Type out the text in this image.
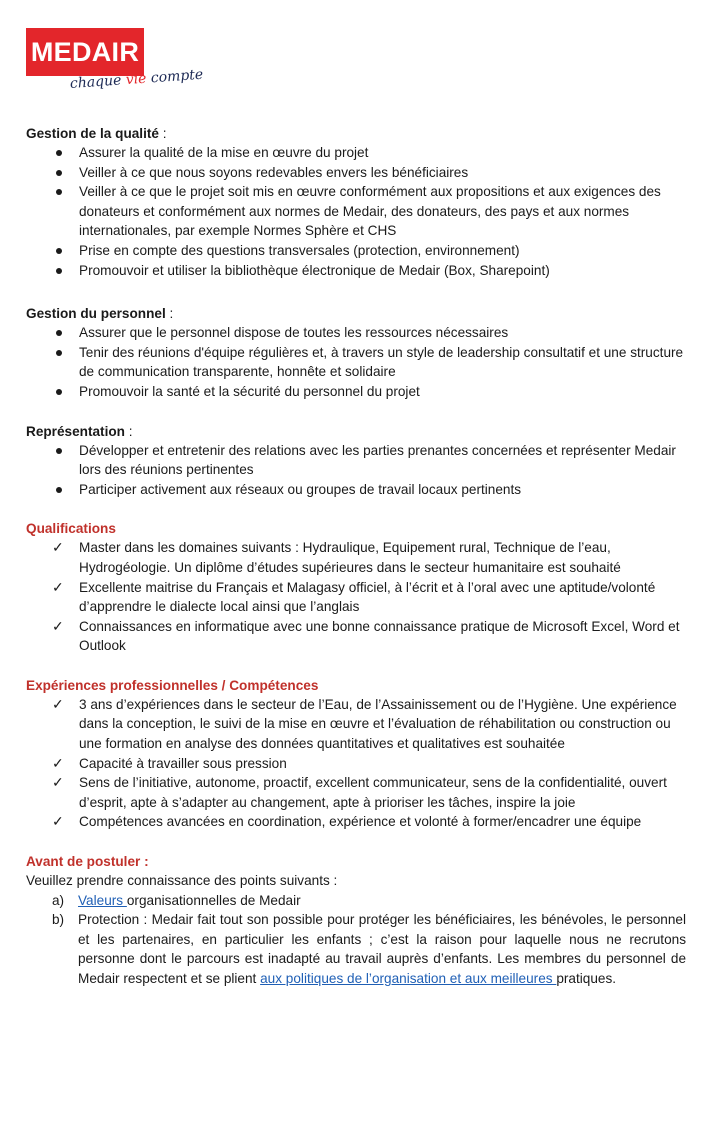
MEDAIR
chaque vie compte
Gestion de la qualité :
Assurer la qualité de la mise en œuvre du projet
Veiller à ce que nous soyons redevables envers les bénéficiaires
Veiller à ce que le projet soit mis en œuvre conformément aux propositions et aux exigences des donateurs et conformément aux normes de Medair, des donateurs, des pays et aux normes internationales, par exemple Normes Sphère et CHS
Prise en compte des questions transversales (protection, environnement)
Promouvoir et utiliser la bibliothèque électronique de Medair (Box, Sharepoint)
Gestion du personnel :
Assurer que le personnel dispose de toutes les ressources nécessaires
Tenir des réunions d'équipe régulières et, à travers un style de leadership consultatif et une structure de communication transparente, honnête et solidaire
Promouvoir la santé et la sécurité du personnel du projet
Représentation :
Développer et entretenir des relations avec les parties prenantes concernées et représenter Medair lors des réunions pertinentes
Participer activement aux réseaux ou groupes de travail locaux pertinents
Qualifications
✓ Master dans les domaines suivants : Hydraulique, Equipement rural, Technique de l’eau, Hydrogéologie. Un diplôme d’études supérieures dans le secteur humanitaire est souhaité
✓ Excellente maitrise du Français et Malagasy officiel, à l’écrit et à l’oral avec une aptitude/volonté d’apprendre le dialecte local ainsi que l’anglais
✓ Connaissances en informatique avec une bonne connaissance pratique de Microsoft Excel, Word et Outlook
Expériences professionnelles / Compétences
✓ 3 ans d’expériences dans le secteur de l’Eau, de l’Assainissement ou de l’Hygiène. Une expérience dans la conception, le suivi de la mise en œuvre et l’évaluation de réhabilitation ou construction ou une formation en analyse des données quantitatives et qualitatives est souhaitée
✓ Capacité à travailler sous pression
✓ Sens de l’initiative, autonome, proactif, excellent communicateur, sens de la confidentialité, ouvert d’esprit, apte à s’adapter au changement, apte à prioriser les tâches, inspire la joie
✓ Compétences avancées en coordination, expérience et volonté à former/encadrer une équipe
Avant de postuler :
Veuillez prendre connaissance des points suivants :
a) Valeurs organisationnelles de Medair
b) Protection : Medair fait tout son possible pour protéger les bénéficiaires, les bénévoles, le personnel et les partenaires, en particulier les enfants ; c’est la raison pour laquelle nous ne recrutons personne dont le parcours est inadapté au travail auprès d’enfants. Les membres du personnel de Medair respectent et se plient aux politiques de l’organisation et aux meilleures pratiques.
